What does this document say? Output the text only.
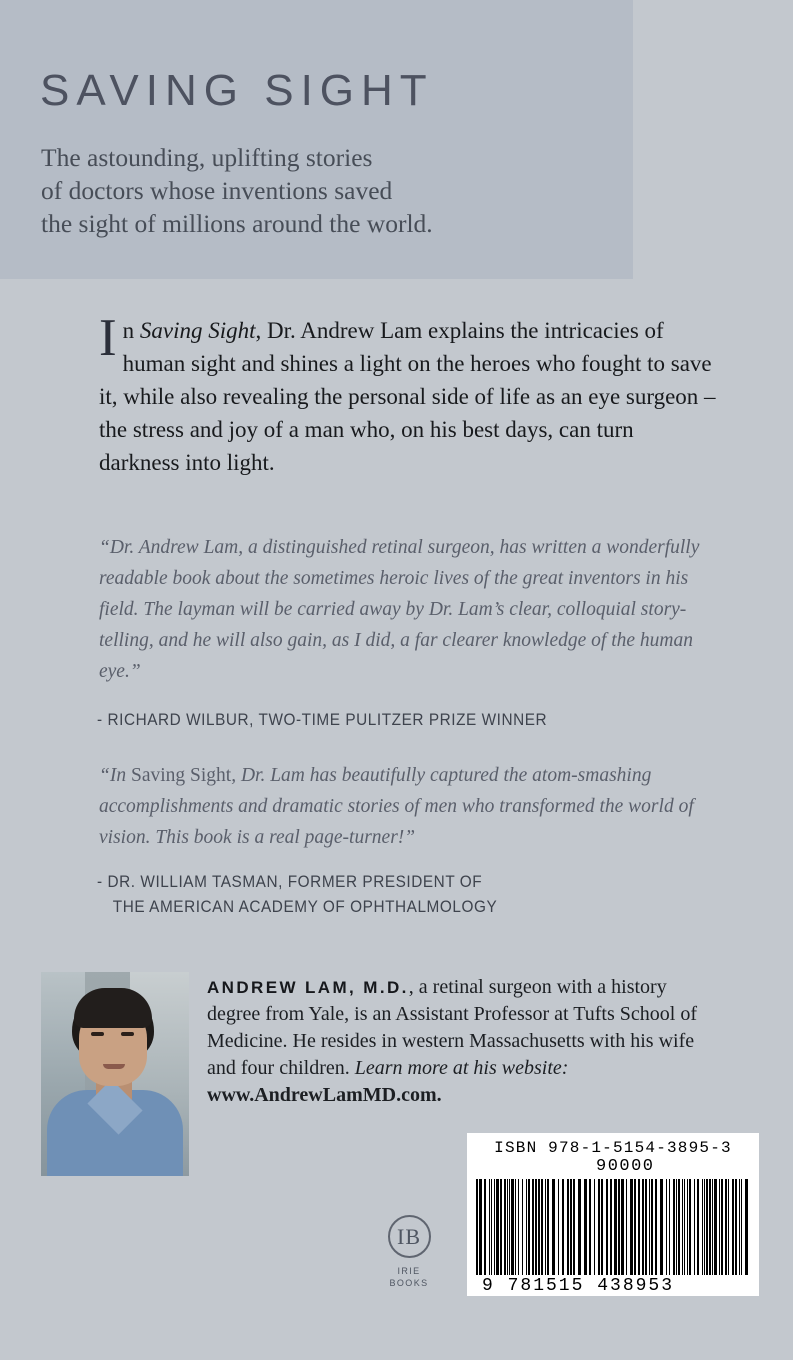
SAVING SIGHT
The astounding, uplifting stories
of doctors whose inventions saved
the sight of millions around the world.
In Saving Sight, Dr. Andrew Lam explains the intricacies of human sight and shines a light on the heroes who fought to save it, while also revealing the personal side of life as an eye surgeon – the stress and joy of a man who, on his best days, can turn darkness into light.
“Dr. Andrew Lam, a distinguished retinal surgeon, has written a wonderfully readable book about the sometimes heroic lives of the great inventors in his field. The layman will be carried away by Dr. Lam’s clear, colloquial story-telling, and he will also gain, as I did, a far clearer knowledge of the human eye.”
- RICHARD WILBUR, TWO-TIME PULITZER PRIZE WINNER
“In Saving Sight, Dr. Lam has beautifully captured the atom-smashing accomplishments and dramatic stories of men who transformed the world of vision. This book is a real page-turner!”
- DR. WILLIAM TASMAN, FORMER PRESIDENT OF
THE AMERICAN ACADEMY OF OPHTHALMOLOGY
ANDREW LAM, M.D., a retinal surgeon with a history degree from Yale, is an Assistant Professor at Tufts School of Medicine. He resides in western Massachusetts with his wife and four children. Learn more at his website: www.AndrewLamMD.com.
IB
IRIE
BOOKS
ISBN 978-1-5154-3895-3
90000
9 781515 438953
